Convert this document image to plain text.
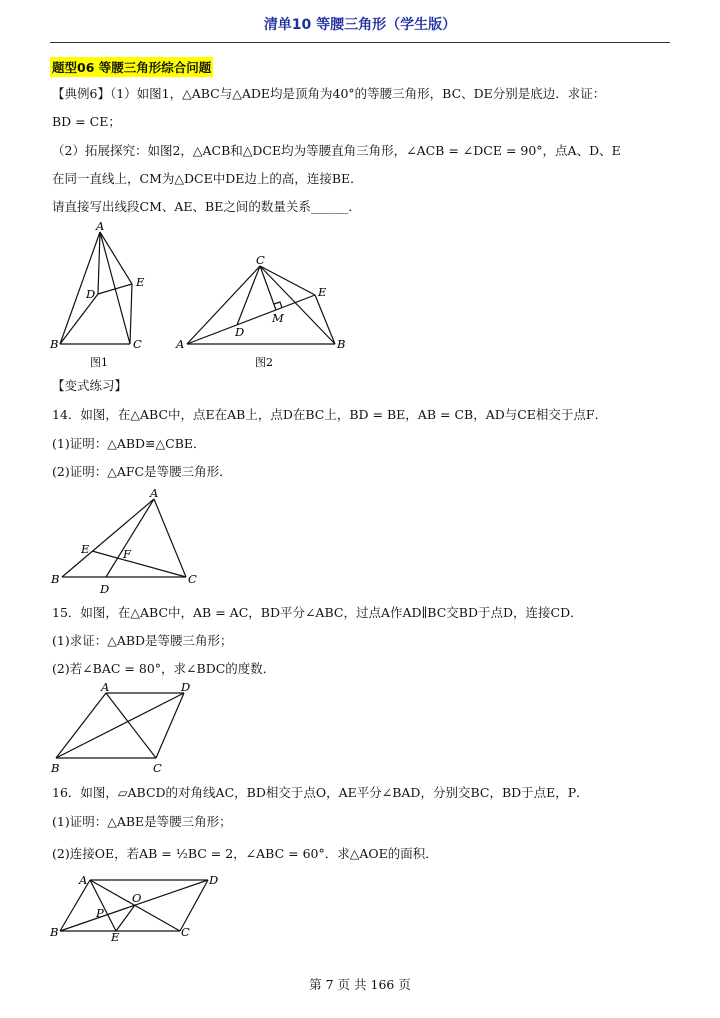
清单10 等腰三角形（学生版）
题型06 等腰三角形综合问题
【典例6】（1）如图1，△ABC与△ADE均是顶角为40°的等腰三角形，BC、DE分别是底边．求证：
BD = CE；
（2）拓展探究：如图2，△ACB和△DCE均为等腰直角三角形，∠ACB = ∠DCE = 90°，点A、D、E
在同一直线上，CM为△DCE中DE边上的高，连接BE．
请直接写出线段CM、AE、BE之间的数量关系______．
A
B	C
D
E
图1
C
A	B
D
E
M
图2
【变式练习】
14．如图，在△ABC中，点E在AB上，点D在BC上，BD = BE，AB = CB，AD与CE相交于点F．
(1)证明：△ABD≌△CBE．
(2)证明：△AFC是等腰三角形．
A
B	C
D
E	F
15．如图，在△ABC中，AB = AC，BD平分∠ABC，过点A作AD∥BC交BD于点D，连接CD．
(1)求证：△ABD是等腰三角形；
(2)若∠BAC = 80°，求∠BDC的度数．
A	D
B	C
16．如图，▱ABCD的对角线AC，BD相交于点O，AE平分∠BAD，分别交BC，BD于点E，P．
(1)证明：△ABE是等腰三角形；
(2)连接OE，若AB = ½BC = 2，∠ABC = 60°．求△AOE的面积．
A	D
B	C
E
O
P
第 7 页 共 166 页
